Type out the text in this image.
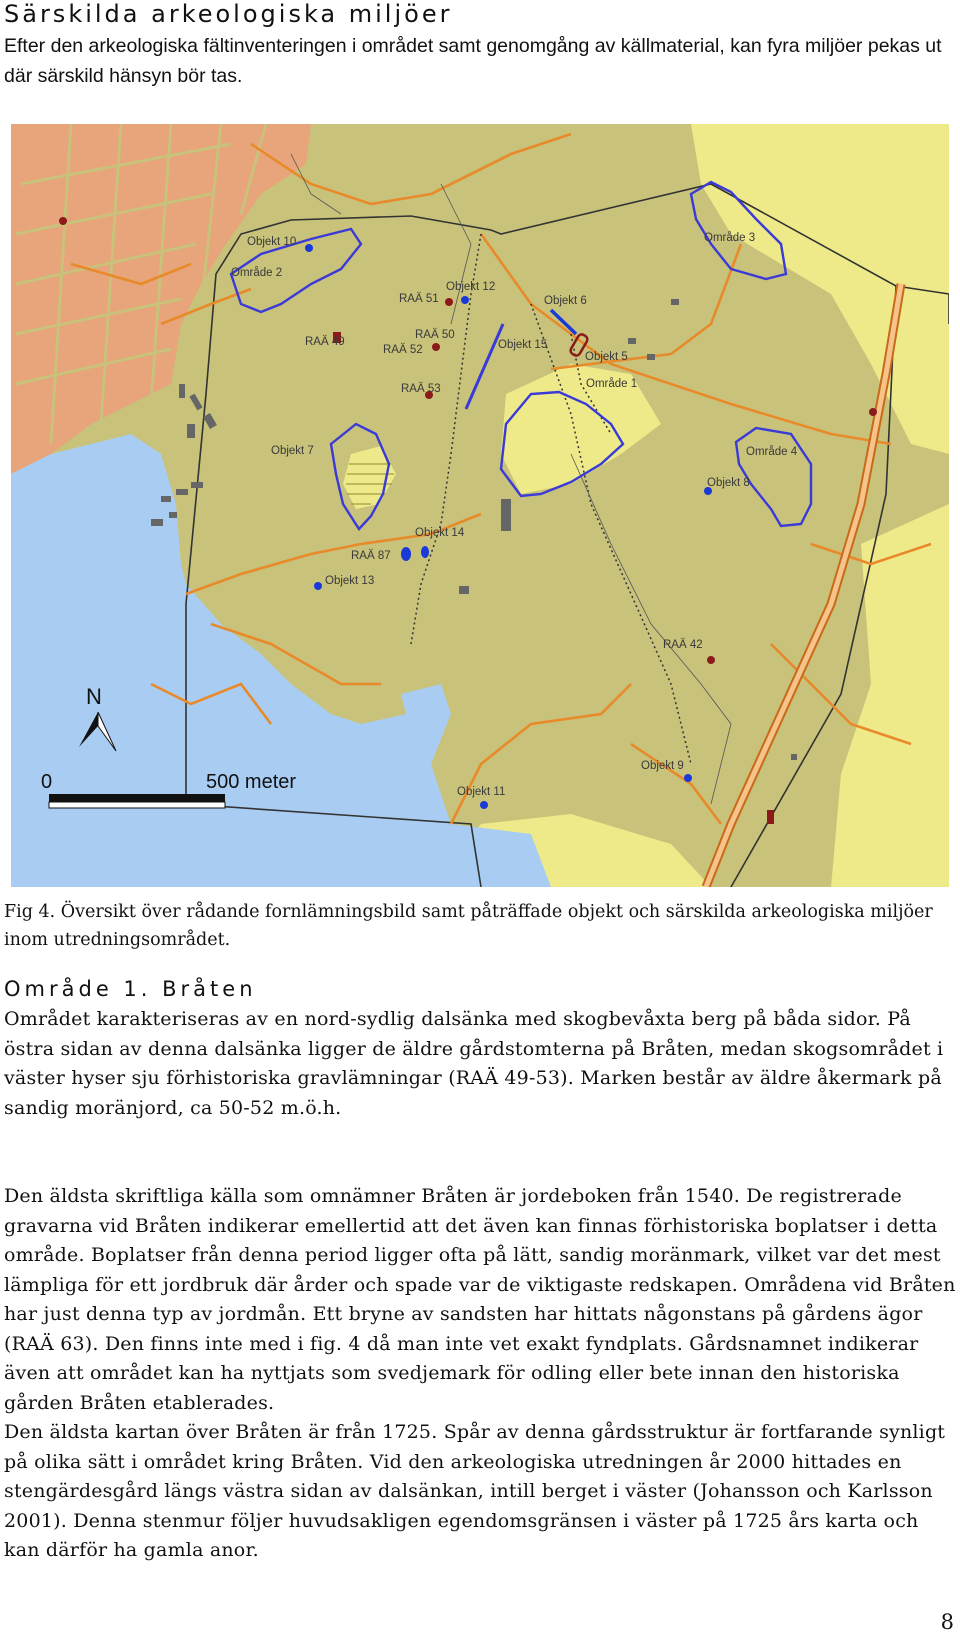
Särskilda arkeologiska miljöer
Efter den arkeologiska fältinventeringen i området samt genomgång av källmaterial, kan fyra miljöer pekas ut där särskild hänsyn bör tas.
Objekt 10
Område 2
RAÄ 51
Objekt 12
Objekt 6
Område 3
RAÄ 49
RAÄ 50
RAÄ 52	Objekt 15
Objekt 5
RAÄ 53	Område 1
Objekt 7	Område 4
Objekt 8
Objekt 14
RAÄ 87
Objekt 13
RAÄ 42
Objekt 9
Objekt 11
N
0	500 meter
Fig 4. Översikt över rådande fornlämningsbild samt påträffade objekt och särskilda arkeologiska miljöer inom utredningsområdet.
Område 1. Bråten
Området karakteriseras av en nord-sydlig dalsänka med skogbevåxta berg på båda sidor. På östra sidan av denna dalsänka ligger de äldre gårdstomterna på Bråten, medan skogsområdet i väster hyser sju förhistoriska gravlämningar (RAÄ 49-53). Marken består av äldre åkermark på sandig moränjord, ca 50-52 m.ö.h.
Den äldsta skriftliga källa som omnämner Bråten är jordeboken från 1540. De registrerade gravarna vid Bråten indikerar emellertid att det även kan finnas förhistoriska boplatser i detta område. Boplatser från denna period ligger ofta på lätt, sandig moränmark, vilket var det mest lämpliga för ett jordbruk där årder och spade var de viktigaste redskapen. Områdena vid Bråten har just denna typ av jordmån. Ett bryne av sandsten har hittats någonstans på gårdens ägor (RAÄ 63). Den finns inte med i fig. 4 då man inte vet exakt fyndplats. Gårdsnamnet indikerar även att området kan ha nyttjats som svedjemark för odling eller bete innan den historiska gården Bråten etablerades.
Den äldsta kartan över Bråten är från 1725. Spår av denna gårdsstruktur är fortfarande synligt på olika sätt i området kring Bråten. Vid den arkeologiska utredningen år 2000 hittades en stengärdesgård längs västra sidan av dalsänkan, intill berget i väster (Johansson och Karlsson 2001). Denna stenmur följer huvudsakligen egendomsgränsen i väster på 1725 års karta och kan därför ha gamla anor.
8
